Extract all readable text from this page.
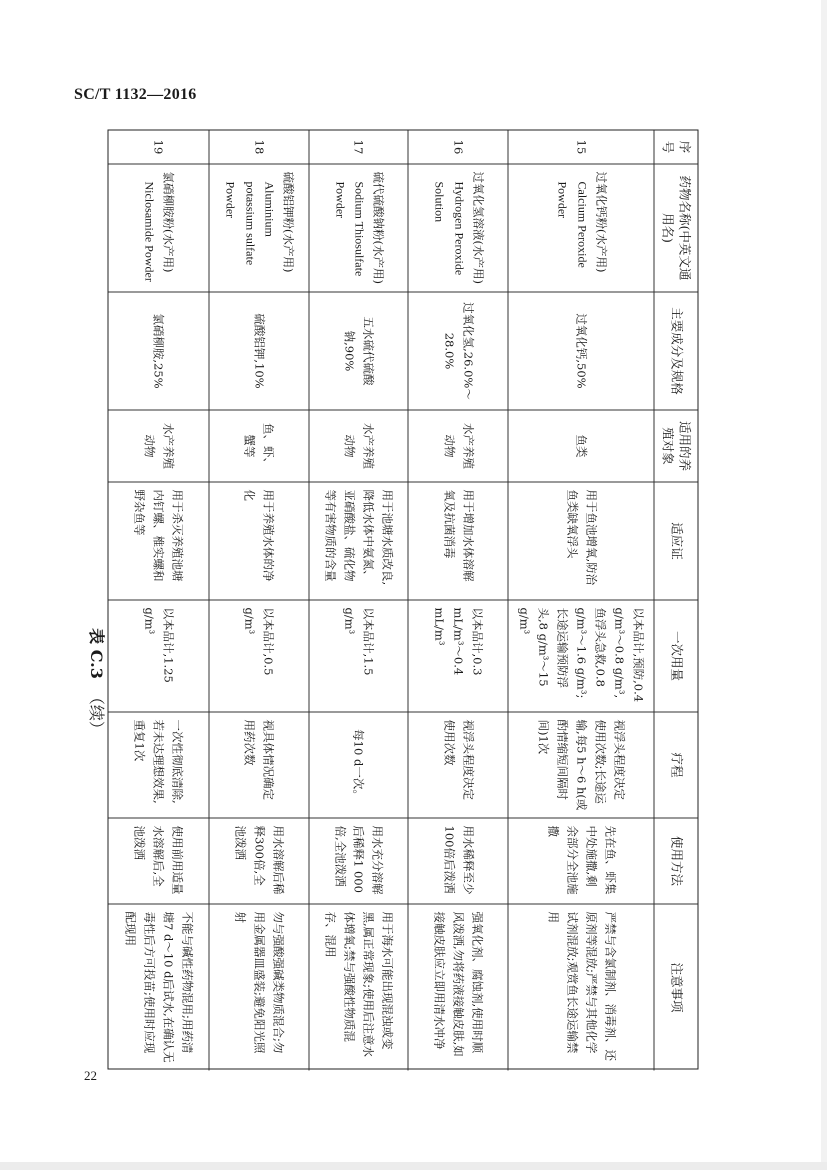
SC/T 1132—2016
表 C.3（续）
序号
药物名称(中英文通用名)
主要成分及规格
适用的养殖对象
适应证
一次用量
疗程
使用方法
注意事项
15
过氧化钙粉(水产用)
Calcium Peroxide Powder
过氧化钙,50%
鱼类
用于鱼池增氧,防治鱼类缺氧浮头
以本品计,预防,0.4 g/m³～0.8 g/m³,鱼浮头急救,0.8 g/m³～1.6 g/m³;长途运输预防浮头,8 g/m³～15 g/m³
视浮头程度决定使用次数;长途运输,每5 h～6 h(或酌情缩短间隔时间)1次
先在鱼、虾集中处施撒,剩余部分全池施撒
严禁与含氯制剂、消毒剂、还原剂等混放;严禁与其他化学试剂混放;观赏鱼长途运输禁用
16
过氧化氢溶液(水产用)
Hydrogen Peroxide Solution
过氧化氢,26.0%～28.0%
水产养殖动物
用于增加水体溶解氧及抗菌消毒
以本品计,0.3 mL/m³～0.4 mL/m³
视浮头程度决定使用次数
用水稀释至少100倍后泼洒
强氧化剂、腐蚀剂,使用时顺风泼洒,勿将药液接触皮肤,如接触皮肤应立即用清水冲净
17
硫代硫酸钠粉(水产用)
Sodium Thiosulfate Powder
五水硫代硫酸钠,90%
水产养殖动物
用于池塘水质改良,降低水体中氨氮、亚硝酸盐、硫化物等有害物质的含量
以本品计,1.5 g/m³
每10 d一次。
用水充分溶解后稀释1 000倍,全池泼洒
用于海水可能出现混浊或变黑,属正常现象;使用后注意水体增氧;禁与强酸性物质混存、混用
18
硫酸铝钾粉(水产用)
Aluminium potassium sulfate Powder
硫酸铝钾,10%
鱼、虾、蟹等
用于养殖水体的净化
以本品计,0.5 g/m³
视具体情况确定用药次数
用水溶解后稀释300倍,全池泼洒
勿与强酸强碱类物质混合;勿用金属器皿盛装;避免阳光照射
19
氯硝柳胺粉(水产用)
Niclosamide Powder
氯硝柳胺,25%
水产养殖动物
用于杀灭养殖池塘内钉螺、椎实螺和野杂鱼等
以本品计,1.25 g/m³
一次性彻底清除,若未达理想效果,重复1次
使用前用适量水溶解后,全池泼洒
不能与碱性药物混用;用药清塘7 d～10 d后试水,在确认无毒性后方可投苗;使用时应现配现用
22
